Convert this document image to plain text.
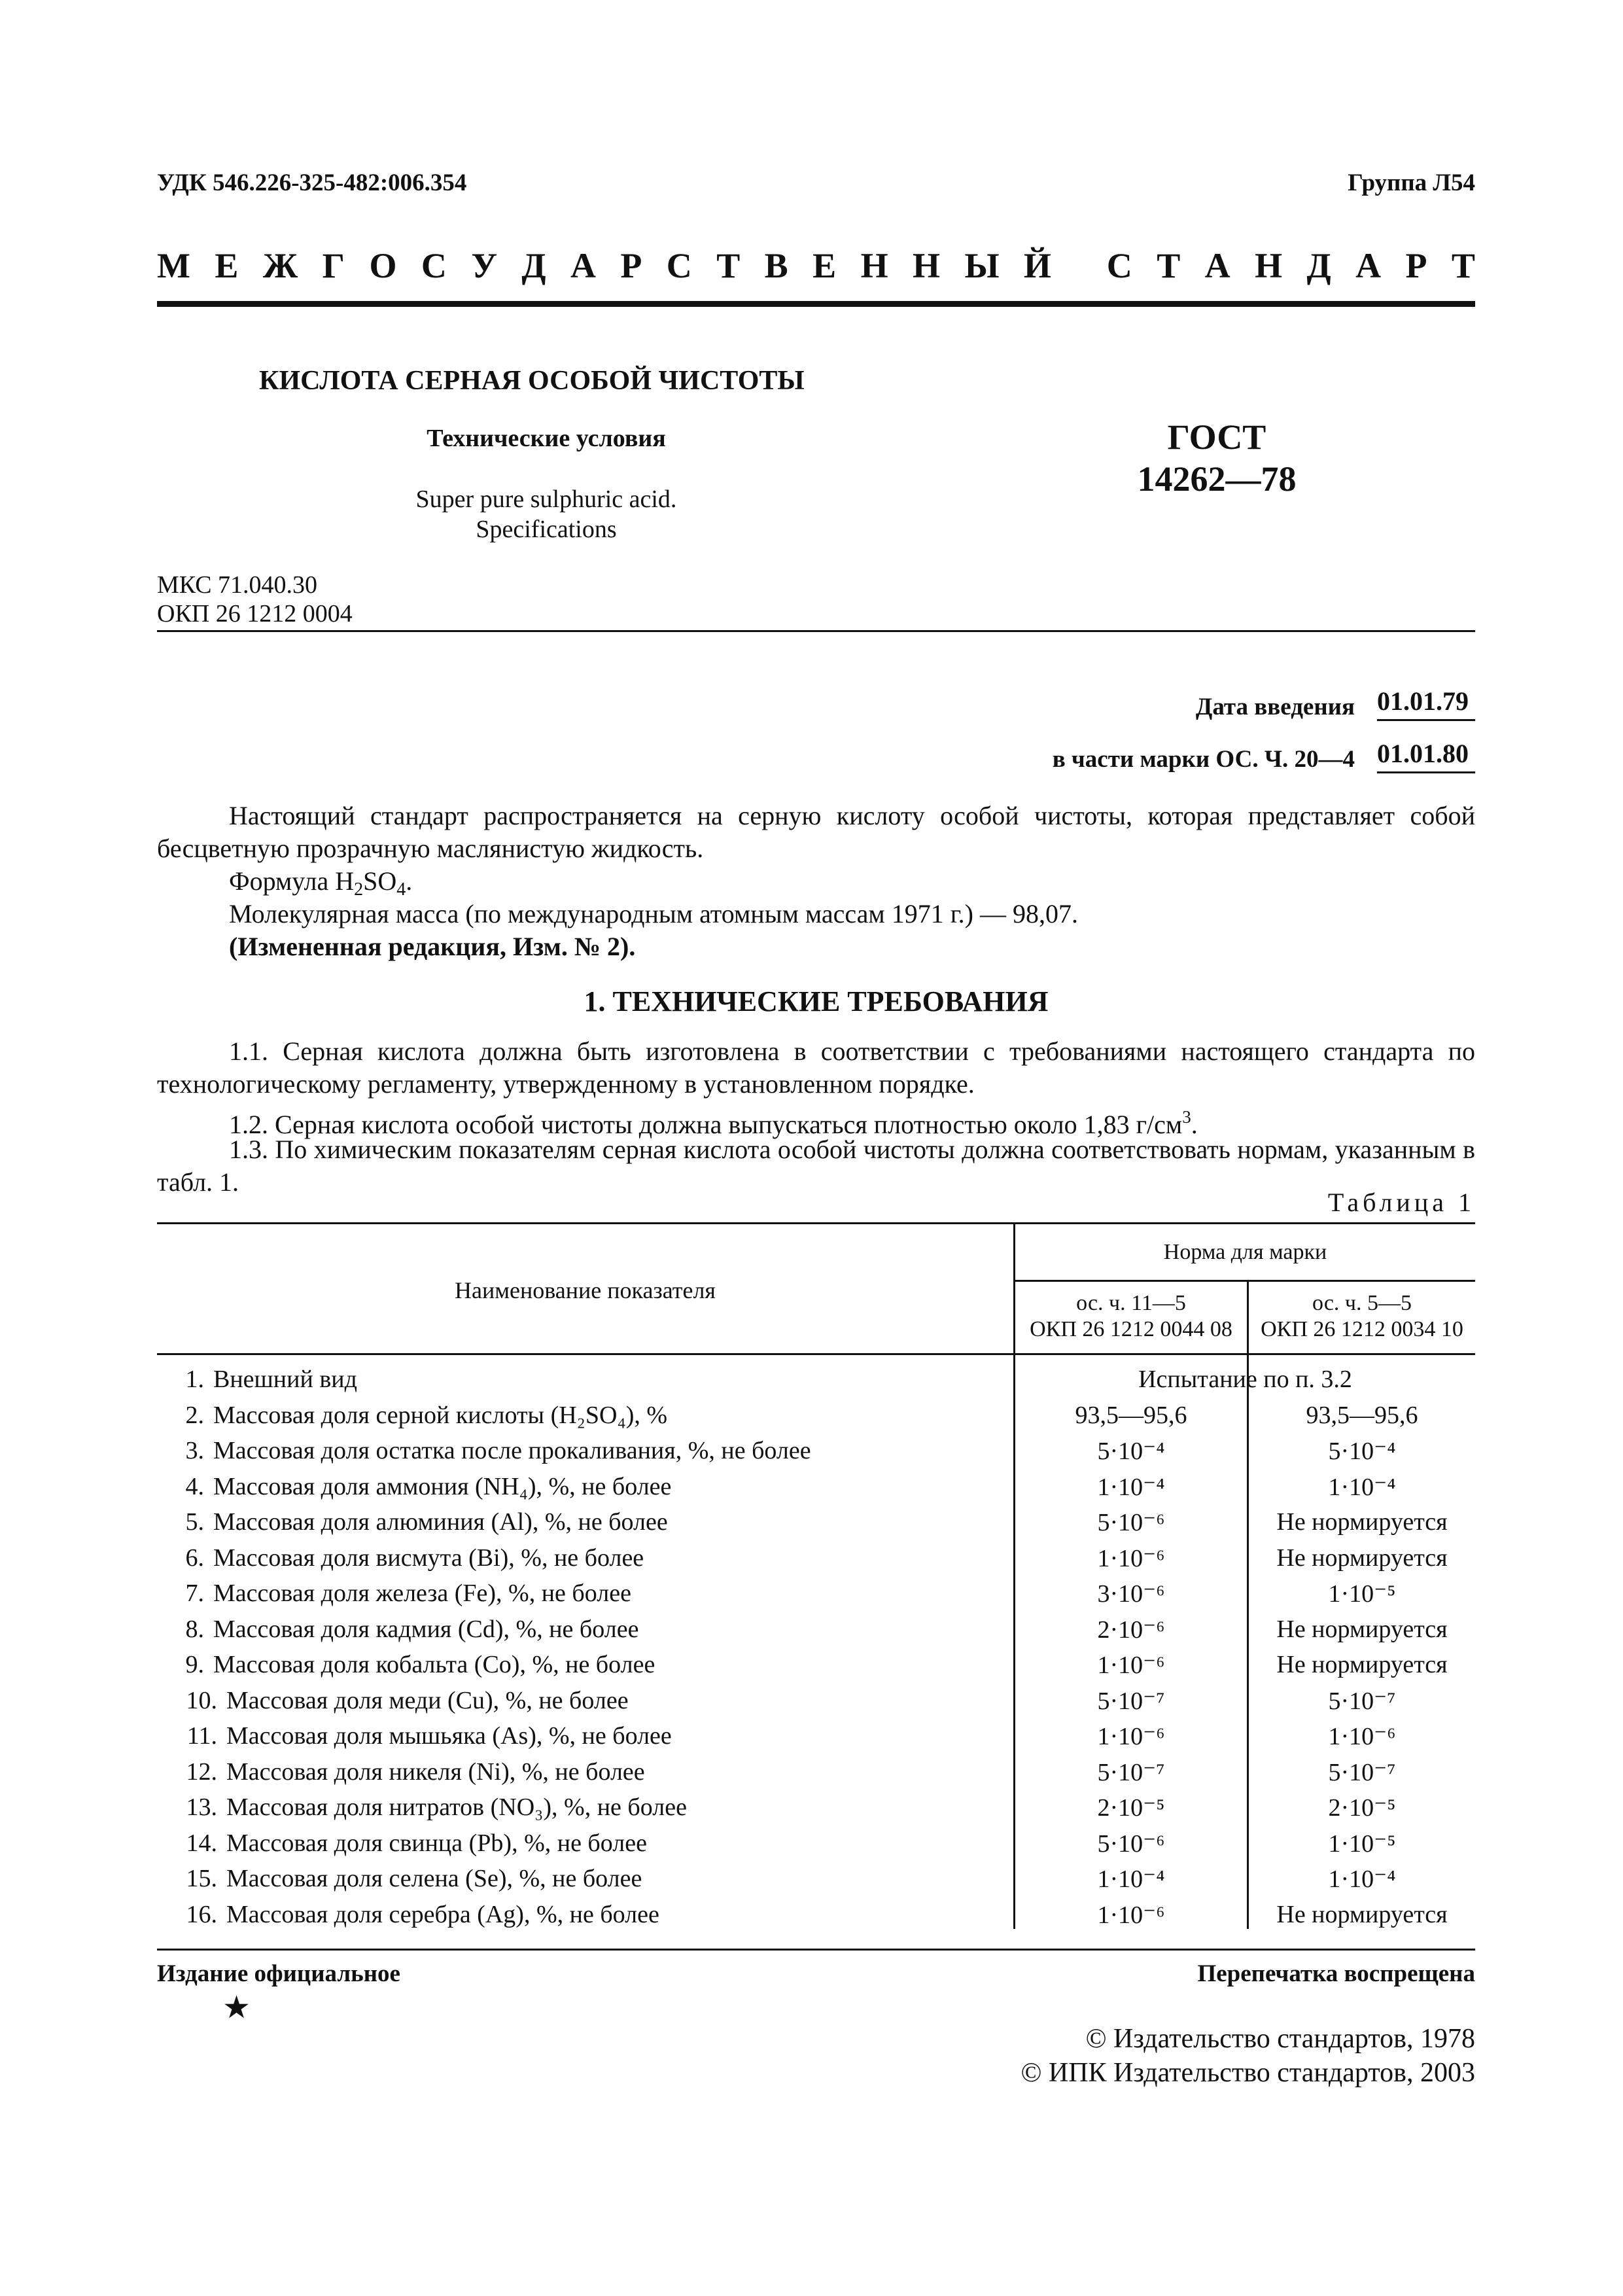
УДК 546.226-325-482:006.354	Группа Л54
М Е Ж Г О С У Д А Р С Т В Е Н Н Ы Й С Т А Н Д А Р Т
КИСЛОТА СЕРНАЯ ОСОБОЙ ЧИСТОТЫ
Технические условия
Super pure sulphuric acid.
Specifications
ГОСТ
14262—78
МКС 71.040.30
ОКП 26 1212 0004
Дата введения 01.01.79
в части марки ОС. Ч. 20—4 01.01.80
Настоящий стандарт распространяется на серную кислоту особой чистоты, которая представляет собой бесцветную прозрачную маслянистую жидкость.
Формула $H_2SO_4$.
Молекулярная масса (по международным атомным массам 1971 г.) — 98,07.
(Измененная редакция, Изм. № 2).
1. ТЕХНИЧЕСКИЕ ТРЕБОВАНИЯ
1.1. Серная кислота должна быть изготовлена в соответствии с требованиями настоящего стандарта по технологическому регламенту, утвержденному в установленном порядке.
1.2. Серная кислота особой чистоты должна выпускаться плотностью около 1,83 $г/см^3$.
1.3. По химическим показателям серная кислота особой чистоты должна соответствовать нормам, указанным в табл. 1.
Таблица 1
Наименование показателя
Норма для марки
ос. ч. 11—5
ОКП 26 1212 0044 08
ос. ч. 5—5
ОКП 26 1212 0034 10
1. Внешний вид	Испытание по п. 3.2
2. Массовая доля серной кислоты (H₂SO₄), %	93,5—95,6	93,5—95,6
3. Массовая доля остатка после прокаливания, %, не более	5·10⁻⁴	5·10⁻⁴
4. Массовая доля аммония (NH₄), %, не более	1·10⁻⁴	1·10⁻⁴
5. Массовая доля алюминия (Al), %, не более	5·10⁻⁶	Не нормируется
6. Массовая доля висмута (Bi), %, не более	1·10⁻⁶	Не нормируется
7. Массовая доля железа (Fe), %, не более	3·10⁻⁶	1·10⁻⁵
8. Массовая доля кадмия (Cd), %, не более	2·10⁻⁶	Не нормируется
9. Массовая доля кобальта (Co), %, не более	1·10⁻⁶	Не нормируется
10. Массовая доля меди (Cu), %, не более	5·10⁻⁷	5·10⁻⁷
11. Массовая доля мышьяка (As), %, не более	1·10⁻⁶	1·10⁻⁶
12. Массовая доля никеля (Ni), %, не более	5·10⁻⁷	5·10⁻⁷
13. Массовая доля нитратов (NO₃), %, не более	2·10⁻⁵	2·10⁻⁵
14. Массовая доля свинца (Pb), %, не более	5·10⁻⁶	1·10⁻⁵
15. Массовая доля селена (Se), %, не более	1·10⁻⁴	1·10⁻⁴
16. Массовая доля серебра (Ag), %, не более	1·10⁻⁶	Не нормируется
Издание официальное	Перепечатка воспрещена
★
© Издательство стандартов, 1978
© ИПК Издательство стандартов, 2003
